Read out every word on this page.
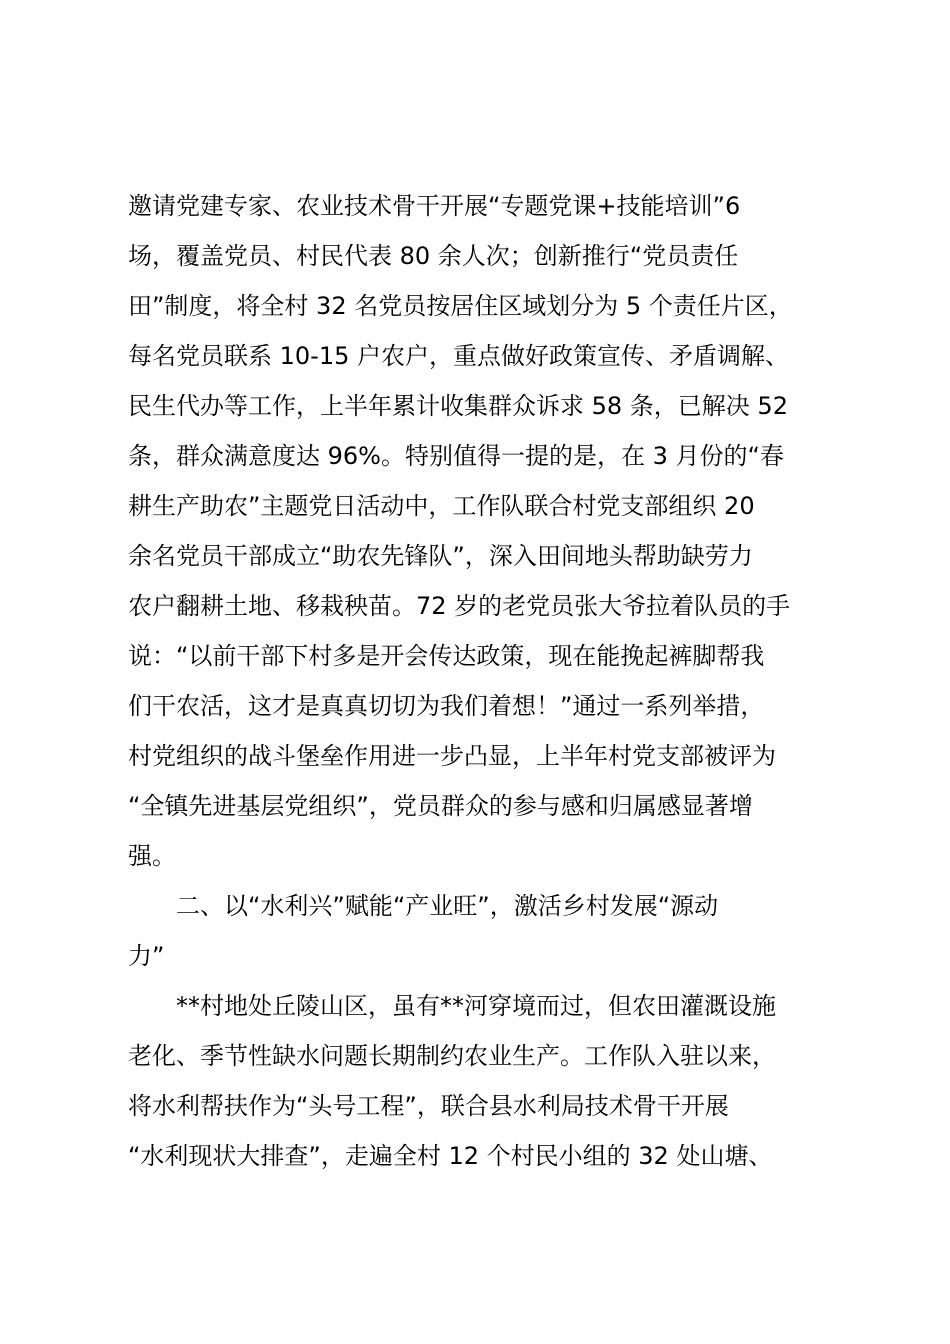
邀请党建专家、农业技术骨干开展“专题党课+技能培训”6

场，覆盖党员、村民代表 80 余人次；创新推行“党员责任

田”制度，将全村 32 名党员按居住区域划分为 5 个责任片区，

每名党员联系 10-15 户农户，重点做好政策宣传、矛盾调解、

民生代办等工作，上半年累计收集群众诉求 58 条，已解决 52

条，群众满意度达 96%。特别值得一提的是，在 3 月份的“春

耕生产助农”主题党日活动中，工作队联合村党支部组织 20

余名党员干部成立“助农先锋队”，深入田间地头帮助缺劳力

农户翻耕土地、移栽秧苗。72 岁的老党员张大爷拉着队员的手

说：“以前干部下村多是开会传达政策，现在能挽起裤脚帮我

们干农活，这才是真真切切为我们着想！”通过一系列举措，

村党组织的战斗堡垒作用进一步凸显，上半年村党支部被评为

“全镇先进基层党组织”，党员群众的参与感和归属感显著增

强。

二、以“水利兴”赋能“产业旺”，激活乡村发展“源动

力”

**村地处丘陵山区，虽有**河穿境而过，但农田灌溉设施

老化、季节性缺水问题长期制约农业生产。工作队入驻以来，

将水利帮扶作为“头号工程”，联合县水利局技术骨干开展

“水利现状大排查”，走遍全村 12 个村民小组的 32 处山塘、
